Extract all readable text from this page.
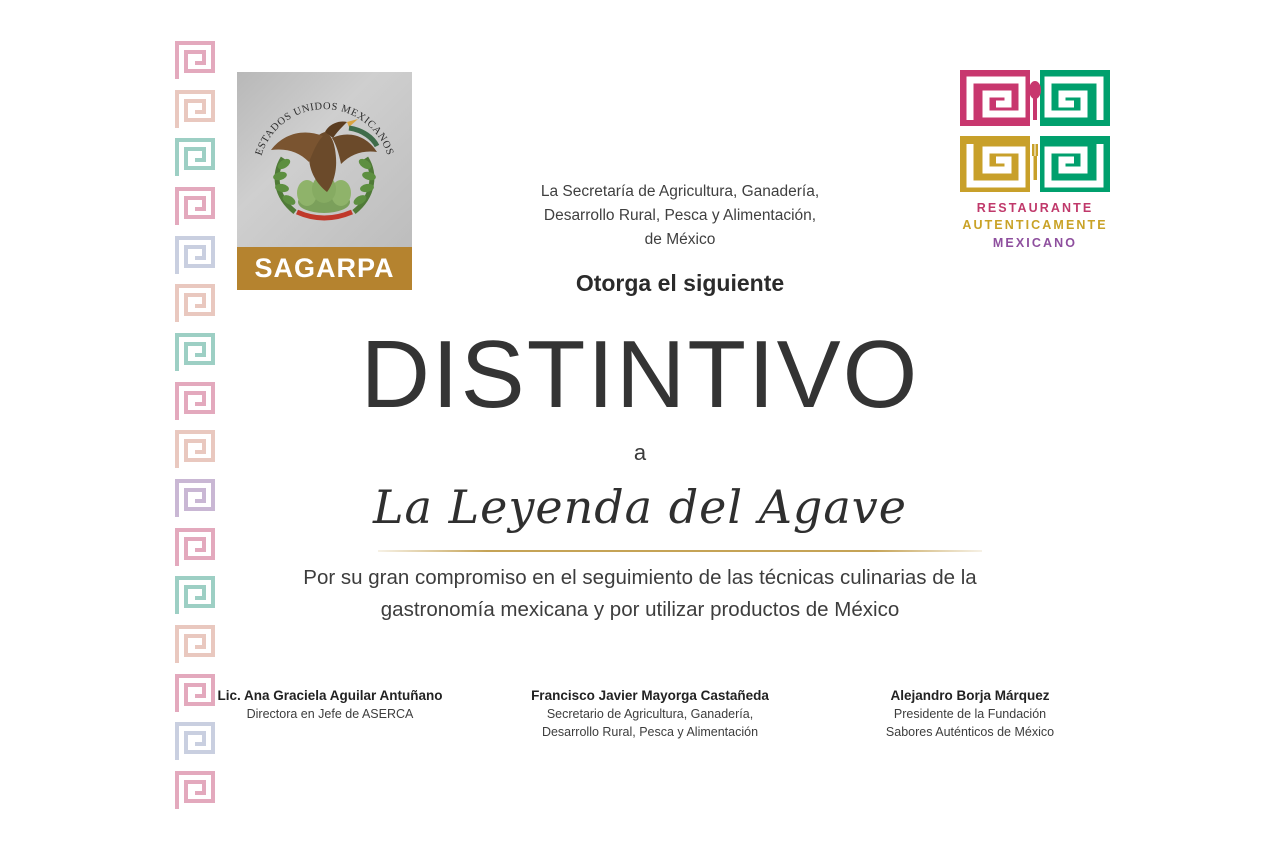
ESTADOS UNIDOS MEXICANOS
SAGARPA
RESTAURANTE
AUTENTICAMENTE
MEXICANO
La Secretaría de Agricultura, Ganadería,
Desarrollo Rural, Pesca y Alimentación,
de México
Otorga el siguiente
DISTINTIVO
a
La Leyenda del Agave
Por su gran compromiso en el seguimiento de las técnicas culinarias de la
gastronomía mexicana y por utilizar productos de México
Lic. Ana Graciela Aguilar Antuñano
Directora en Jefe de ASERCA
Francisco Javier Mayorga Castañeda
Secretario de Agricultura, Ganadería,
Desarrollo Rural, Pesca y Alimentación
Alejandro Borja Márquez
Presidente de la Fundación
Sabores Auténticos de México
